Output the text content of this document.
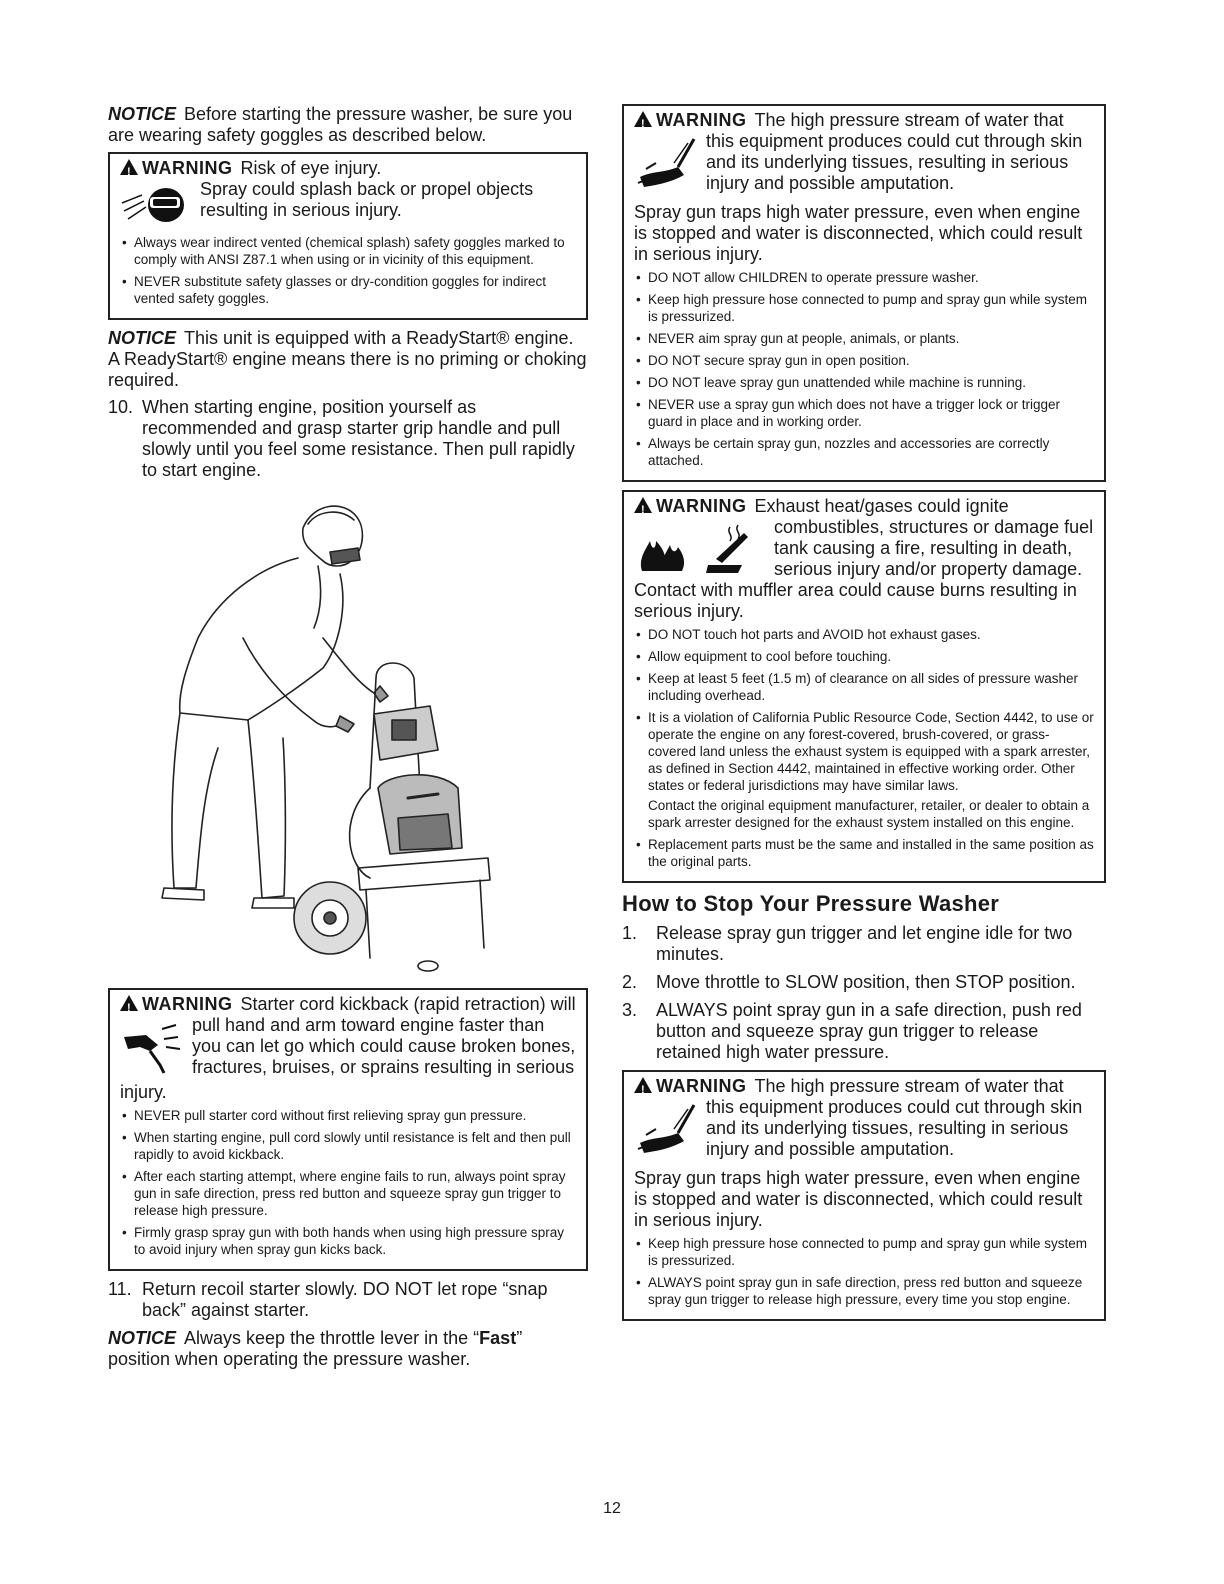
NOTICE Before starting the pressure washer, be sure you are wearing safety goggles as described below.

!WARNING Risk of eye injury.
Spray could splash back or propel objects resulting in serious injury.
• Always wear indirect vented (chemical splash) safety goggles marked to comply with ANSI Z87.1 when using or in vicinity of this equipment.
• NEVER substitute safety glasses or dry-condition goggles for indirect vented safety goggles.

NOTICE This unit is equipped with a ReadyStart® engine. A ReadyStart® engine means there is no priming or choking required.

10. When starting engine, position yourself as recommended and grasp starter grip handle and pull slowly until you feel some resistance. Then pull rapidly to start engine.
!WARNING Starter cord kickback (rapid retraction) will
pull hand and arm toward engine faster than you can let go which could cause broken bones, fractures, bruises, or sprains resulting in serious
injury.
• NEVER pull starter cord without first relieving spray gun pressure.
• When starting engine, pull cord slowly until resistance is felt and then pull rapidly to avoid kickback.
• After each starting attempt, where engine fails to run, always point spray gun in safe direction, press red button and squeeze spray gun trigger to release high pressure.
• Firmly grasp spray gun with both hands when using high pressure spray to avoid injury when spray gun kicks back.
11. Return recoil starter slowly. DO NOT let rope “snap back” against starter.

NOTICE Always keep the throttle lever in the “Fast” position when operating the pressure washer.

!WARNING The high pressure stream of water that
this equipment produces could cut through skin and its underlying tissues, resulting in serious injury and possible amputation.
Spray gun traps high water pressure, even when engine is stopped and water is disconnected, which could result in serious injury.
• DO NOT allow CHILDREN to operate pressure washer.
• Keep high pressure hose connected to pump and spray gun while system is pressurized.
• NEVER aim spray gun at people, animals, or plants.
• DO NOT secure spray gun in open position.
• DO NOT leave spray gun unattended while machine is running.
• NEVER use a spray gun which does not have a trigger lock or trigger guard in place and in working order.
• Always be certain spray gun, nozzles and accessories are correctly attached.
!WARNING Exhaust heat/gases could ignite
combustibles, structures or damage fuel tank causing a fire, resulting in death, serious injury and/or property damage.
Contact with muffler area could cause burns resulting in serious injury.
• DO NOT touch hot parts and AVOID hot exhaust gases.
• Allow equipment to cool before touching.
• Keep at least 5 feet (1.5 m) of clearance on all sides of pressure washer including overhead.
• It is a violation of California Public Resource Code, Section 4442, to use or operate the engine on any forest-covered, brush-covered, or grass-covered land unless the exhaust system is equipped with a spark arrester, as defined in Section 4442, maintained in effective working order. Other states or federal jurisdictions may have similar laws.
Contact the original equipment manufacturer, retailer, or dealer to obtain a spark arrester designed for the exhaust system installed on this engine.
• Replacement parts must be the same and installed in the same position as the original parts.
How to Stop Your Pressure Washer
1. Release spray gun trigger and let engine idle for two minutes.
2. Move throttle to SLOW position, then STOP position.
3. ALWAYS point spray gun in a safe direction, push red button and squeeze spray gun trigger to release retained high water pressure.
!WARNING The high pressure stream of water that
this equipment produces could cut through skin and its underlying tissues, resulting in serious injury and possible amputation.
Spray gun traps high water pressure, even when engine is stopped and water is disconnected, which could result in serious injury.
• Keep high pressure hose connected to pump and spray gun while system is pressurized.
• ALWAYS point spray gun in safe direction, press red button and squeeze spray gun trigger to release high pressure, every time you stop engine.
12
